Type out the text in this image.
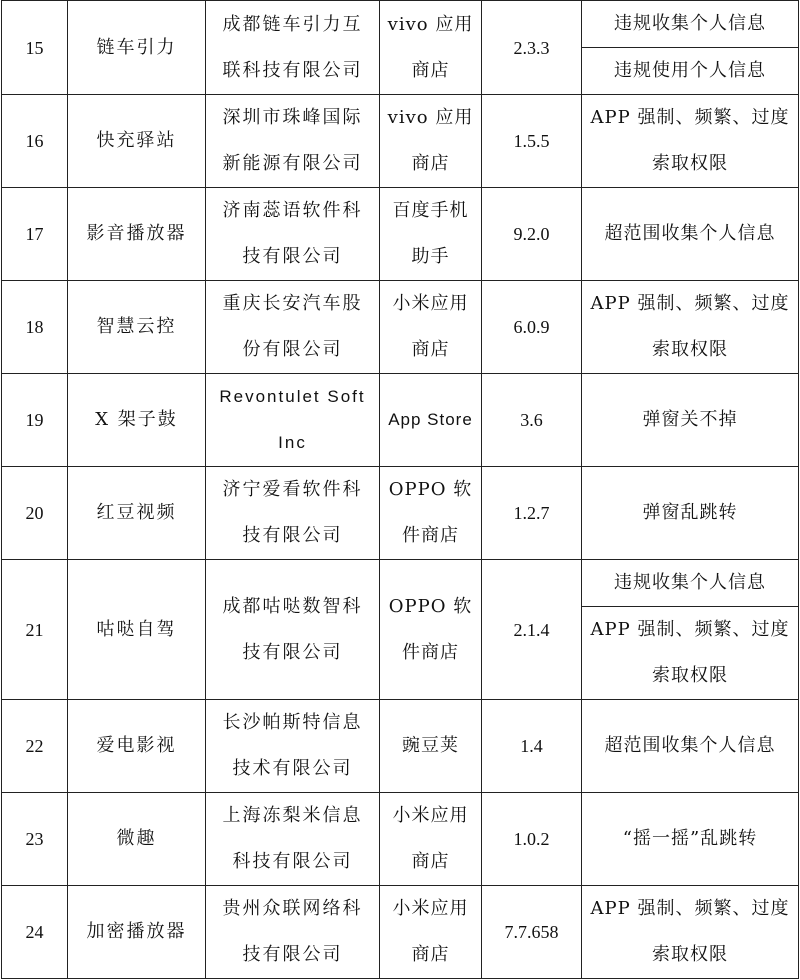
15	链车引力	成都链车引力互
联科技有限公司	vivo 应用
商店	2.3.3	违规收集个人信息

					违规使用个人信息

16	快充驿站	深圳市珠峰国际
新能源有限公司	vivo 应用
商店	1.5.5	APP 强制、频繁、过度
索取权限

17	影音播放器	济南蕊语软件科
技有限公司	百度手机
助手	9.2.0	超范围收集个人信息

18	智慧云控	重庆长安汽车股
份有限公司	小米应用
商店	6.0.9	APP 强制、频繁、过度
索取权限

19	X 架子鼓	Revontulet Soft
Inc	App Store	3.6	弹窗关不掉

20	红豆视频	济宁爱看软件科
技有限公司	OPPO 软
件商店	1.2.7	弹窗乱跳转

21	咕哒自驾	成都咕哒数智科
技有限公司	OPPO 软
件商店	2.1.4	违规收集个人信息

					APP 强制、频繁、过度
索取权限

22	爱电影视	长沙帕斯特信息
技术有限公司	豌豆荚	1.4	超范围收集个人信息

23	微趣	上海冻梨米信息
科技有限公司	小米应用
商店	1.0.2	“摇一摇”乱跳转

24	加密播放器	贵州众联网络科
技有限公司	小米应用
商店	7.7.658	APP 强制、频繁、过度
索取权限
